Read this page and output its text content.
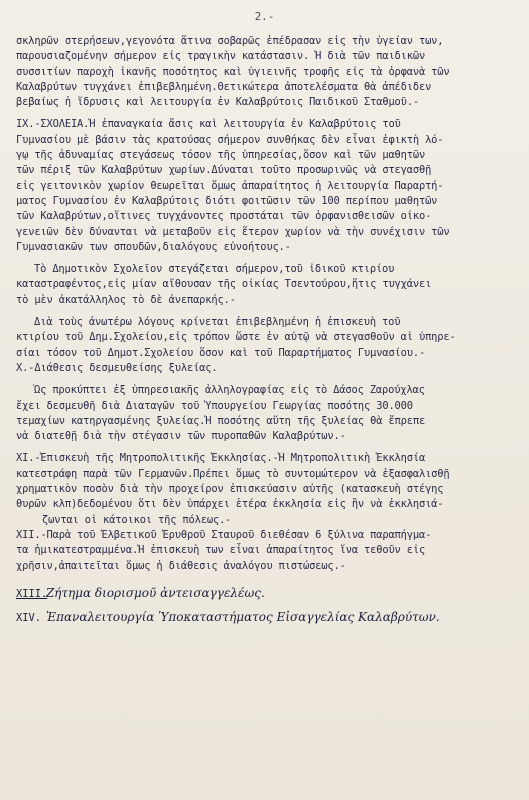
2.-
σκληρῶν στερήσεων,γεγονότα ἅτινα σοβαρῶς ἐπέδρασαν εἰς τὴν ὑγείαν των,
παρουσιαζομένην σήμερον εἰς τραγικὴν κατάστασιν. Ἡ διὰ τῶν παιδικῶν
συσσιτίων παροχὴ ἱκανῆς ποσότητος καὶ ὑγιεινῆς τροφῆς εἰς τὰ ὀρφανὰ τῶν
Καλαβρύτων τυγχάνει ἐπιβεβλημένη.Θετικώτερα ἀποτελέσματα θὰ ἀπέδιδεν
βεβαίως ἡ ἵδρυσις καὶ λειτουργία ἐν Καλαβρύτοις Παιδικοῦ Σταθμοῦ.-
IX.-ΣΧΟΛΕΙΑ.Ἡ ἐπαναγκαία ἄσις καὶ λειτουργία ἐν Καλαβρύτοις τοῦ
Γυμνασίου μὲ βάσιν τὰς κρατούσας σήμερον συνθήκας δὲν εἶναι ἐφικτὴ λό-
γῳ τῆς ἀδυναμίας στεγάσεως τόσον τῆς ὑπηρεσίας,ὅσον καὶ τῶν μαθητῶν
τῶν πέριξ τῶν Καλαβρύτων χωρίων.Δύναται τοῦτο προσωρινῶς νὰ στεγασθῇ
εἰς γειτονικὸν χωρίον θεωρεῖται ὅμως ἀπαραίτητος ἡ λειτουργία Παραρτή-
ματος Γυμνασίου ἐν Καλαβρύτοις διότι φοιτῶσιν τῶν 100 περίπου μαθητῶν
τῶν Καλαβρύτων,οἵτινες τυγχάνοντες προστάται τῶν ὀρφανισθεισῶν οἰκο-
γενειῶν δὲν δύνανται νὰ μεταβοῦν εἰς ἕτερον χωρίον νὰ τὴν συνέχισιν τῶν
Γυμνασιακῶν των σπουδῶν,διαλόγους εὐνοήτους.-
Τὸ Δημοτικὸν Σχολεῖον στεγάζεται σήμερον,τοῦ ἰδικοῦ κτιρίου
καταστραφέντος,εἰς μίαν αἴθουσαν τῆς οἰκίας Τσεντούρου,ἥτις τυγχάνει
τὸ μὲν ἀκατάλληλος τὸ δὲ ἀνεπαρκής.-
Διὰ τοὺς ἀνωτέρω λόγους κρίνεται ἐπιβεβλημένη ἡ ἐπισκευὴ τοῦ
κτιρίου τοῦ Δημ.Σχολείου,εἰς τρόπον ὥστε ἐν αὐτῷ νὰ στεγασθοῦν αἱ ὑπηρε-
σίαι τόσον τοῦ Δημοτ.Σχολείου ὅσον καὶ τοῦ Παραρτήματος Γυμνασίου.-
X.-Διάθεσις δεσμευθείσης ξυλείας.
Ὡς προκύπτει ἐξ ὑπηρεσιακῆς ἀλληλογραφίας εἰς τὸ Δάσος Ζαρούχλας
ἔχει δεσμευθῆ διὰ Διαταγῶν τοῦ Ὑπουργείου Γεωργίας ποσότης 30.000
τεμαχίων κατηργασμένης ξυλείας.Ἡ ποσότης αὕτη τῆς ξυλείας θὰ ἔπρεπε
νὰ διατεθῇ διὰ τὴν στέγασιν τῶν πυροπαθῶν Καλαβρύτων.-
XI.-Ἐπισκευὴ τῆς Μητροπολιτικῆς Ἐκκλησίας.-Ἡ Μητροπολιτικὴ Ἐκκλησία
κατεστράφη παρὰ τῶν Γερμανῶν.Πρέπει ὅμως τὸ συντομώτερον νὰ ἐξασφαλισθῇ
χρηματικὸν ποσὸν διὰ τὴν προχείρον ἐπισκεύασιν αὐτῆς (κατασκευὴ στέγης
θυρῶν κλπ)δεδομένου ὅτι δὲν ὑπάρχει ἑτέρα ἐκκλησία εἰς ἣν νὰ ἐκκλησιά-
ζωνται οἱ κάτοικοι τῆς πόλεως.-
XII.-Παρὰ τοῦ Ἑλβετικοῦ Ἐρυθροῦ Σταυροῦ διεθέσαν 6 ξύλινα παραπήγμα-
τα ἡμικατεστραμμένα.Ἡ ἐπισκευὴ των εἶναι ἀπαραίτητος ἵνα τεθοῦν εἰς
χρῆσιν,ἀπαιτεῖται ὅμως ἡ διάθεσις ἀναλόγου πιστώσεως.-
XIII. Ζήτημα διορισμοῦ ἀντεισαγγελέως.
XIV. Ἐπαναλειτουργία Ὑποκαταστήματος Εἰσαγγελίας Καλαβρύτων.
